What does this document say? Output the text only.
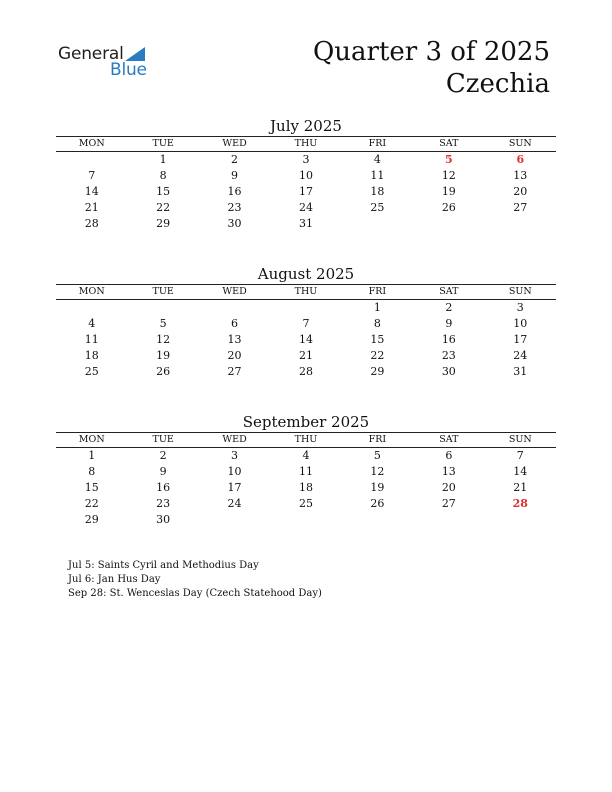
General
Blue
Quarter 3 of 2025
Czechia
July 2025
MON	TUE	WED	THU	FRI	SAT	SUN
	1	2	3	4	5	6
7	8	9	10	11	12	13
14	15	16	17	18	19	20
21	22	23	24	25	26	27
28	29	30	31			
August 2025
MON	TUE	WED	THU	FRI	SAT	SUN
				1	2	3
4	5	6	7	8	9	10
11	12	13	14	15	16	17
18	19	20	21	22	23	24
25	26	27	28	29	30	31
September 2025
MON	TUE	WED	THU	FRI	SAT	SUN
1	2	3	4	5	6	7
8	9	10	11	12	13	14
15	16	17	18	19	20	21
22	23	24	25	26	27	28
29	30					
Jul 5: Saints Cyril and Methodius Day
Jul 6: Jan Hus Day
Sep 28: St. Wenceslas Day (Czech Statehood Day)
